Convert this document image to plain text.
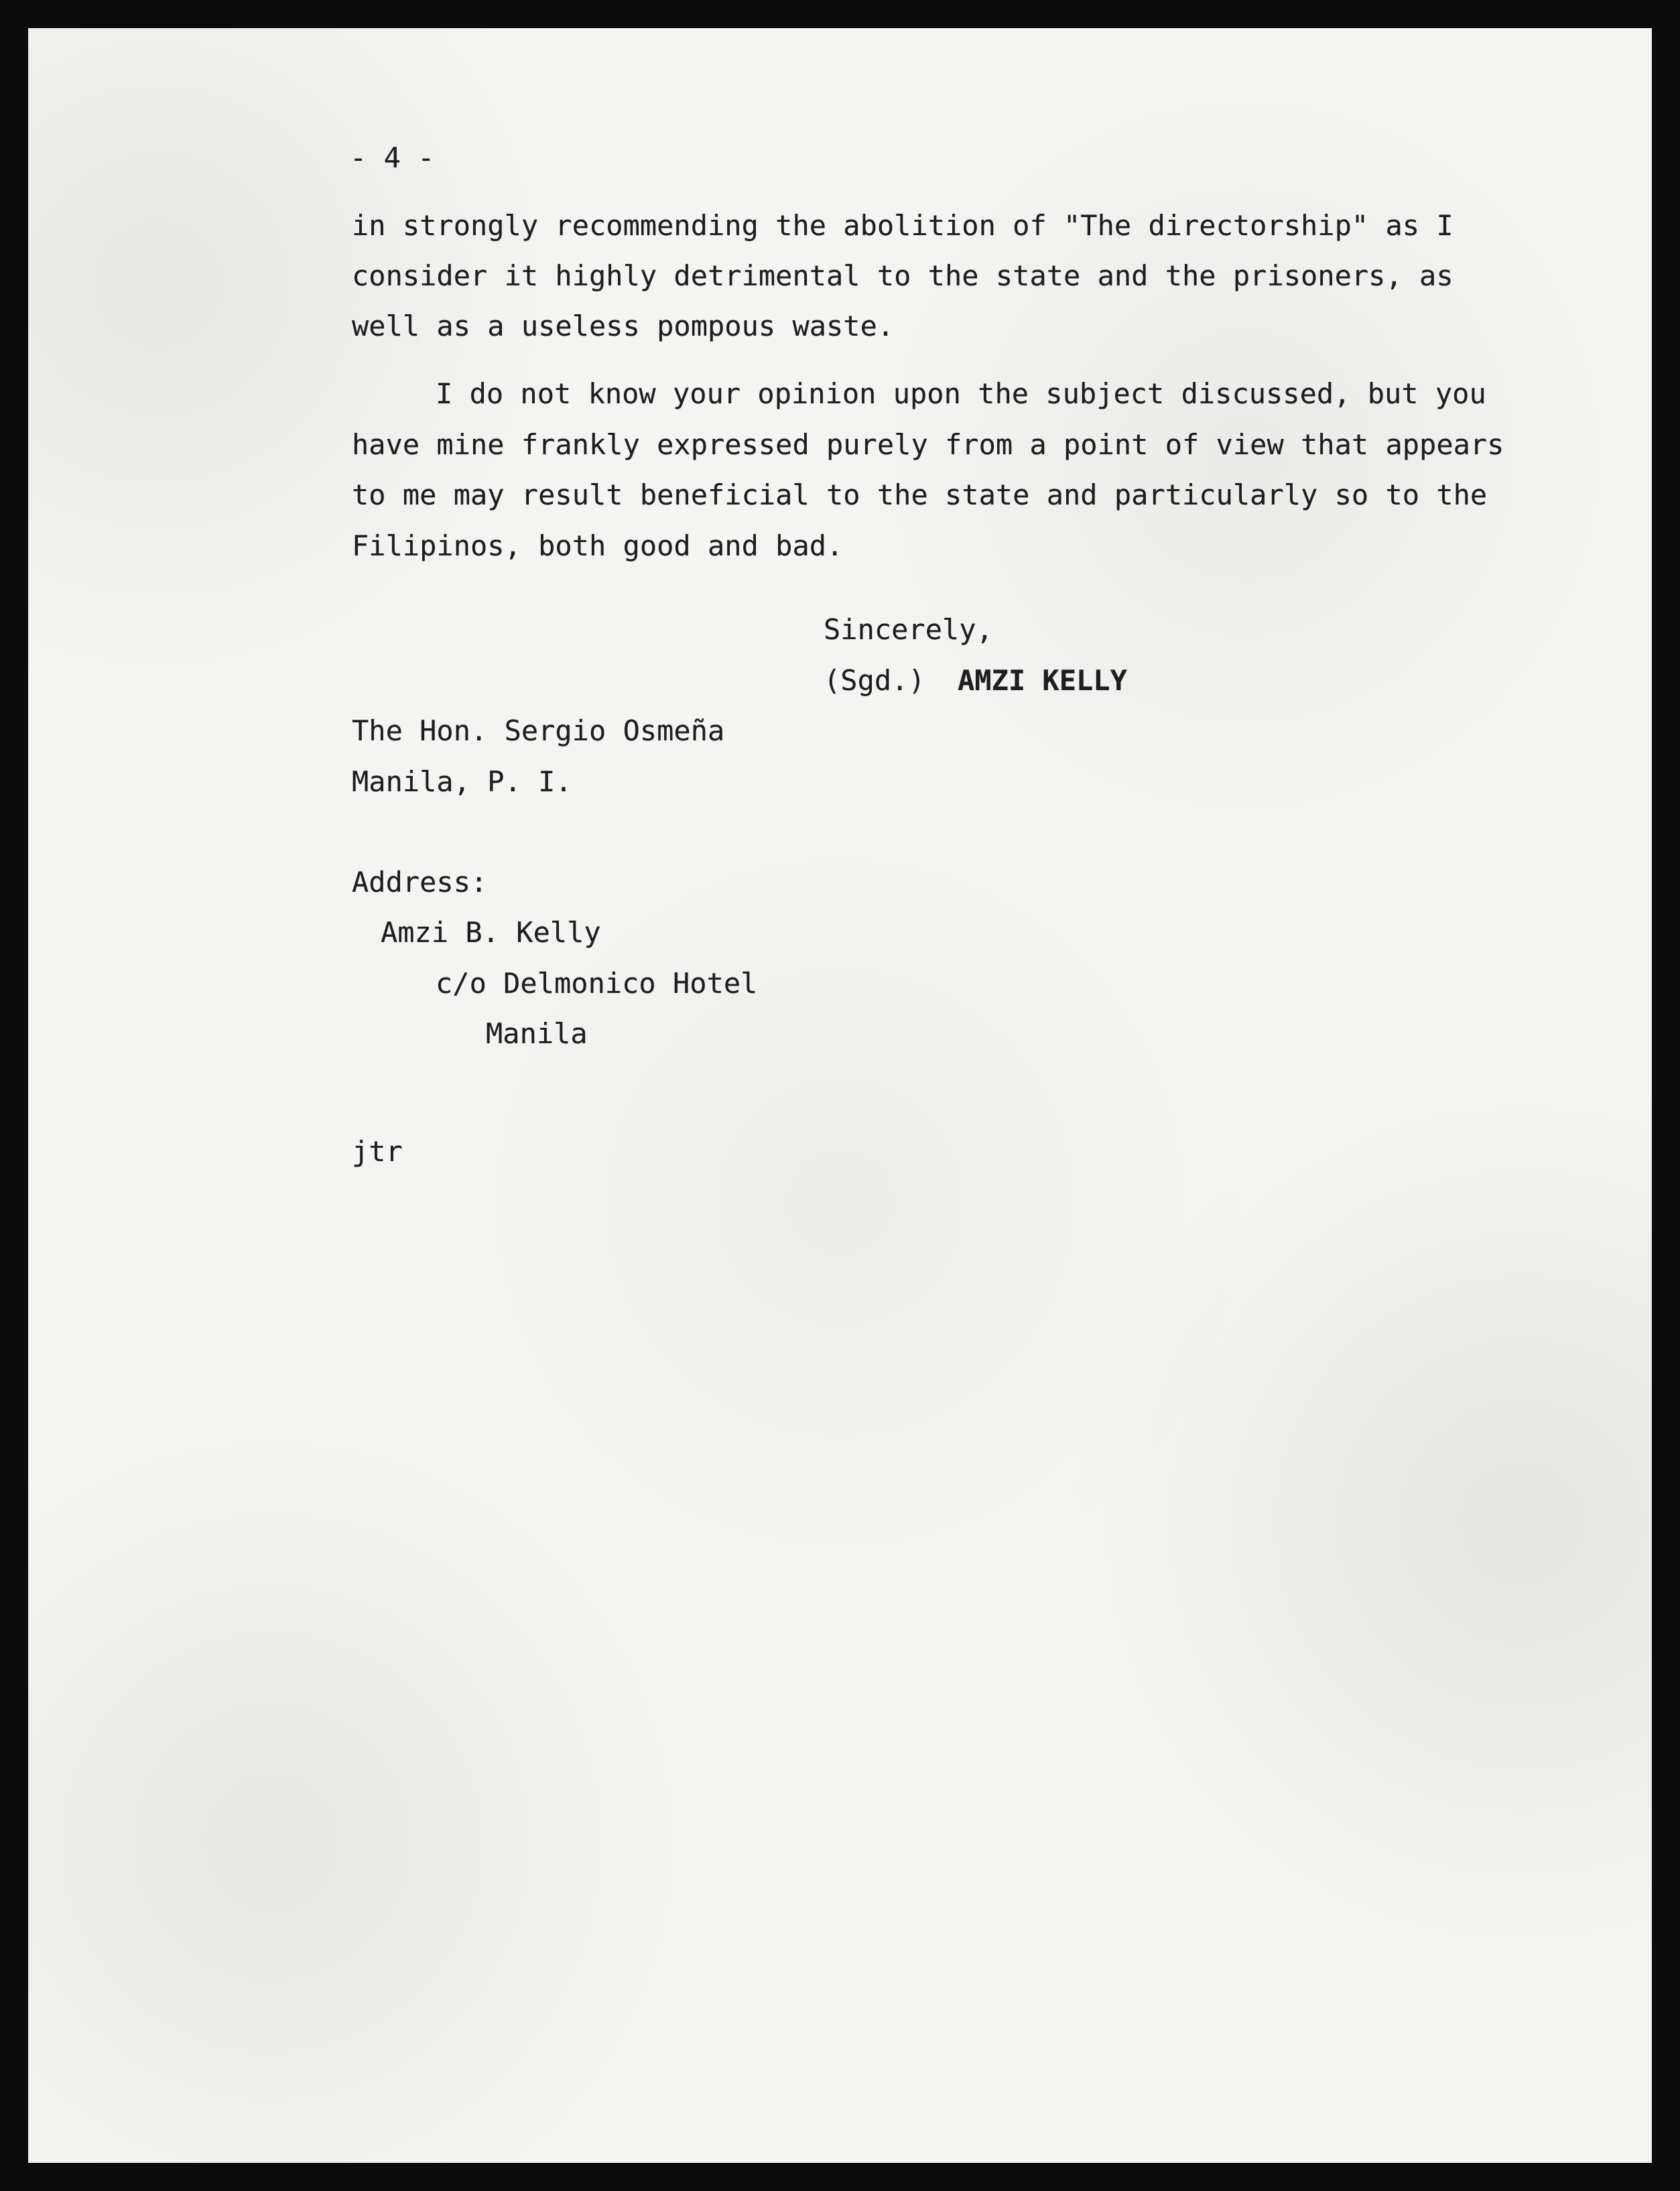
- 4 -
in strongly recommending the abolition of "The directorship" as I
consider it highly detrimental to the state and the prisoners, as
well as a useless pompous waste.
I do not know your opinion upon the subject discussed, but you
have mine frankly expressed purely from a point of view that appears
to me may result beneficial to the state and particularly so to the
Filipinos, both good and bad.
Sincerely,
(Sgd.) AMZI KELLY
The Hon. Sergio Osmeña
Manila, P. I.
Address:
Amzi B. Kelly
c/o Delmonico Hotel
Manila
jtr
